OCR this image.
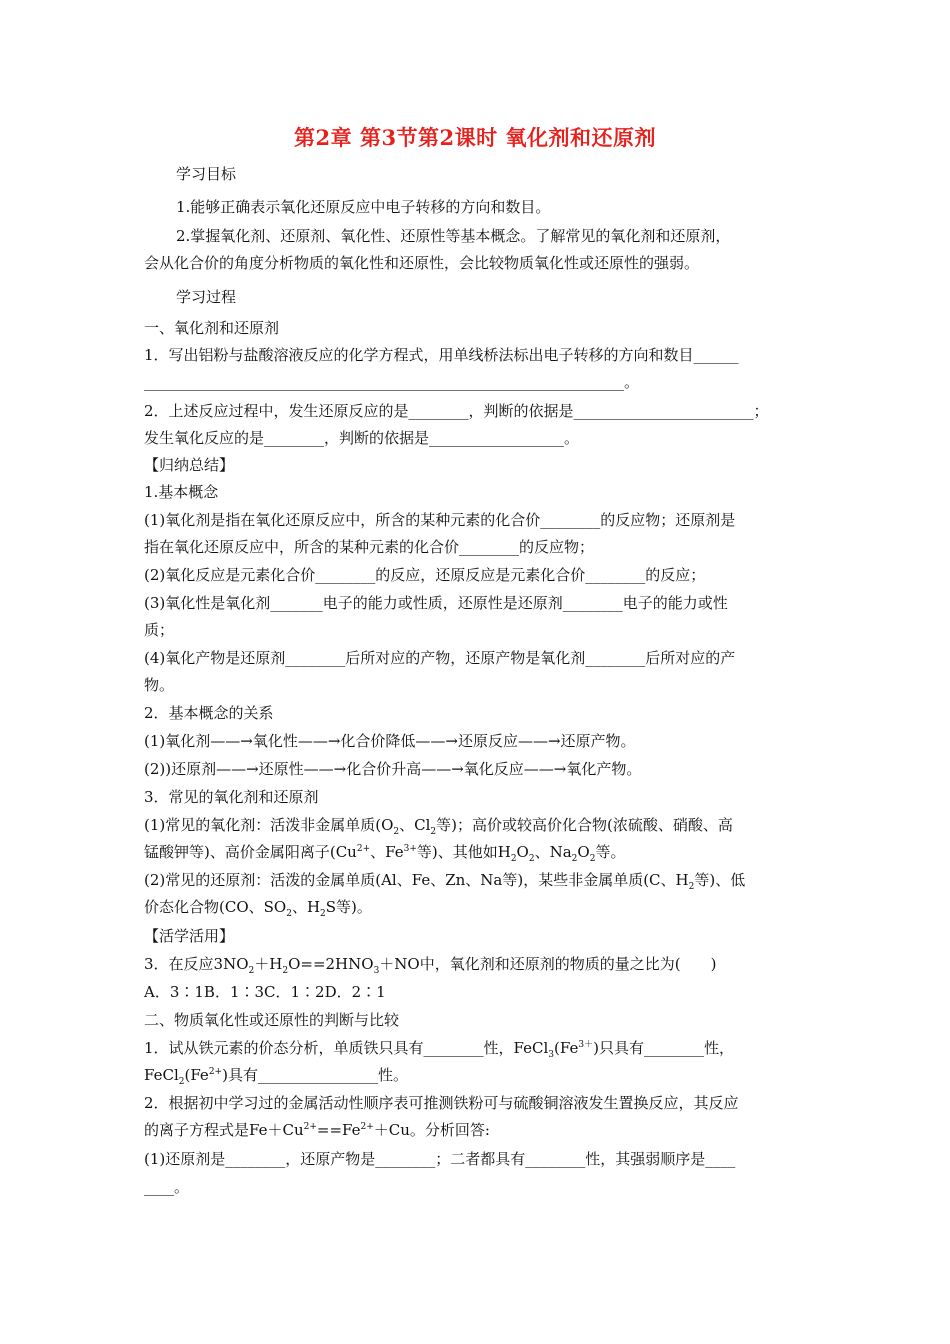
第2章 第3节第2课时 氧化剂和还原剂
学习目标
1.能够正确表示氧化还原反应中电子转移的方向和数目。
2.掌握氧化剂、还原剂、氧化性、还原性等基本概念。了解常见的氧化剂和还原剂，
会从化合价的角度分析物质的氧化性和还原性，会比较物质氧化性或还原性的强弱。
学习过程
一、氧化剂和还原剂
1．写出铝粉与盐酸溶液反应的化学方程式，用单线桥法标出电子转移的方向和数目______
________________________________________________________________。
2．上述反应过程中，发生还原反应的是________，判断的依据是________________________；
发生氧化反应的是________，判断的依据是__________________。
【归纳总结】
1.基本概念
(1)氧化剂是指在氧化还原反应中，所含的某种元素的化合价________的反应物；还原剂是
指在氧化还原反应中，所含的某种元素的化合价________的反应物；
(2)氧化反应是元素化合价________的反应，还原反应是元素化合价________的反应；
(3)氧化性是氧化剂_______电子的能力或性质，还原性是还原剂________电子的能力或性
质；
(4)氧化产物是还原剂________后所对应的产物，还原产物是氧化剂________后所对应的产
物。
2．基本概念的关系
(1)氧化剂——→氧化性——→化合价降低——→还原反应——→还原产物。
(2))还原剂——→还原性——→化合价升高——→氧化反应——→氧化产物。
3．常见的氧化剂和还原剂
(1)常见的氧化剂：活泼非金属单质($O_2$、$Cl_2$等)；高价或较高价化合物(浓硫酸、硝酸、高
锰酸钾等)、高价金属阳离子($Cu^{2+}$、$Fe^{3+}$等)、其他如$H_2O_2$、$Na_2O_2$等。
(2)常见的还原剂：活泼的金属单质(Al、Fe、Zn、Na等)，某些非金属单质(C、$H_2$等)、低
价态化合物(CO、$SO_2$、$H_2S$等)。
【活学活用】
3．在反应$3NO_2+H_2O==2HNO_3+NO$中，氧化剂和还原剂的物质的量之比为(　　)
A．3∶1B．1∶3C．1∶2D．2∶1
二、物质氧化性或还原性的判断与比较
1．试从铁元素的价态分析，单质铁只具有________性，$FeCl_3(Fe^{3+})$只具有________性，
$FeCl_2(Fe^{2+})$具有________________性。
2．根据初中学习过的金属活动性顺序表可推测铁粉可与硫酸铜溶液发生置换反应，其反应
的离子方程式是$Fe+Cu^{2+}==Fe^{2+}+Cu$。分析回答:
(1)还原剂是________，还原产物是________；二者都具有________性，其强弱顺序是____
____。
